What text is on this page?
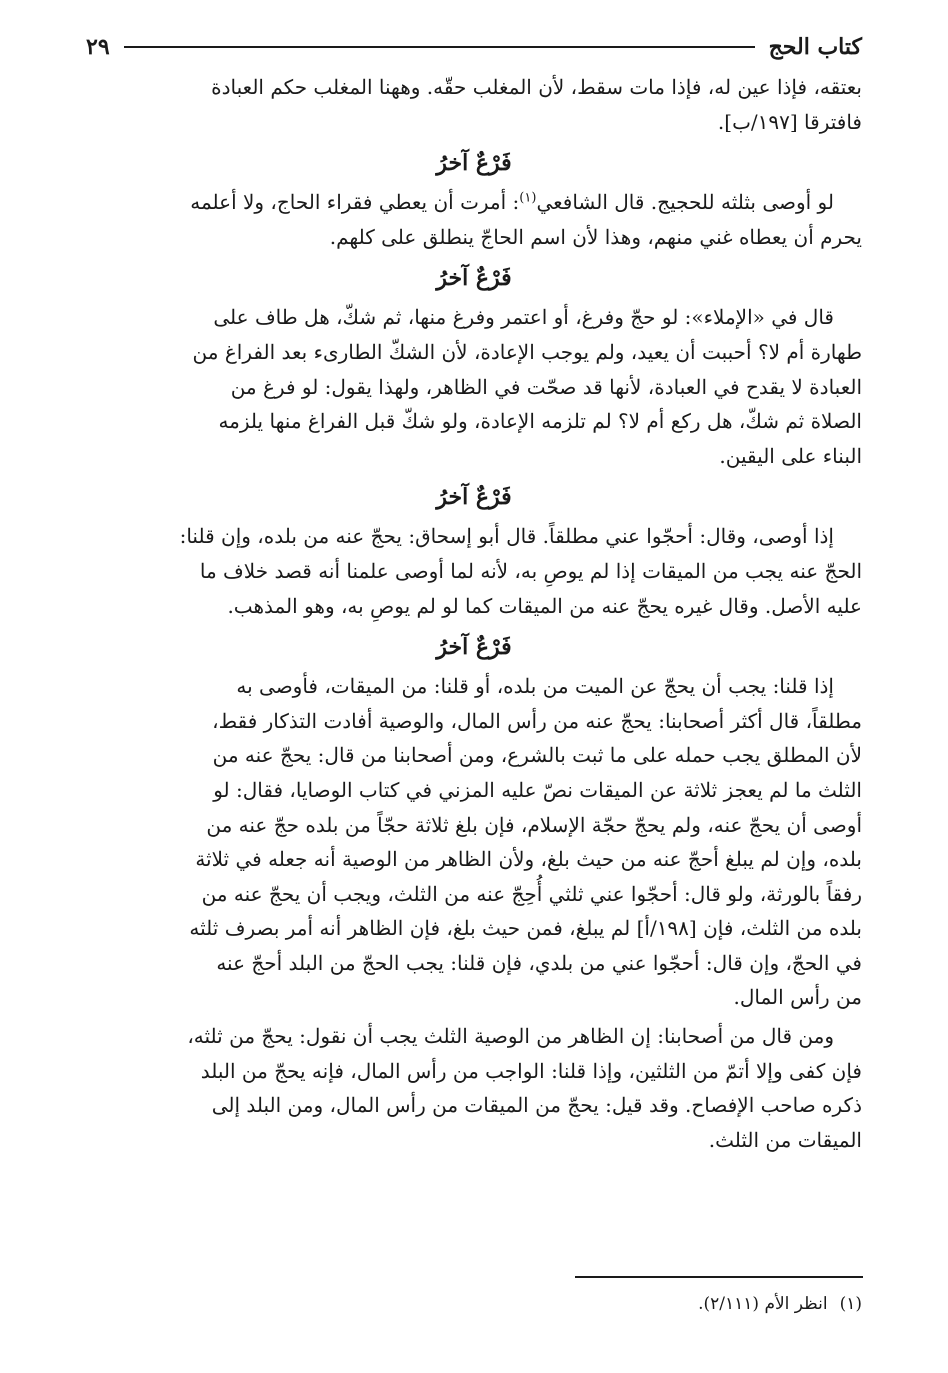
كتاب الحج
٢٩

بعتقه، فإذا عين له، فإذا مات سقط، لأن المغلب حقّه. وههنا المغلب حكم العبادة
فافترقا [١٩٧/ب].

فَرْعٌ آخرُ

لو أوصى بثلثه للحجيج. قال الشافعي$^{(١)}$: أمرت أن يعطي فقراء الحاج، ولا أعلمه
يحرم أن يعطاه غني منهم، وهذا لأن اسم الحاجّ ينطلق على كلهم.

فَرْعٌ آخرُ

قال في «الإملاء»: لو حجّ وفرغ، أو اعتمر وفرغ منها، ثم شكّ، هل طاف على
طهارة أم لا؟ أحببت أن يعيد، ولم يوجب الإعادة، لأن الشكّ الطارىء بعد الفراغ من
العبادة لا يقدح في العبادة، لأنها قد صحّت في الظاهر، ولهذا يقول: لو فرغ من
الصلاة ثم شكّ، هل ركع أم لا؟ لم تلزمه الإعادة، ولو شكّ قبل الفراغ منها يلزمه
البناء على اليقين.

فَرْعٌ آخرُ

إذا أوصى، وقال: أحجّوا عني مطلقاً. قال أبو إسحاق: يحجّ عنه من بلده، وإن قلنا:
الحجّ عنه يجب من الميقات إذا لم يوصِ به، لأنه لما أوصى علمنا أنه قصد خلاف ما
عليه الأصل. وقال غيره يحجّ عنه من الميقات كما لو لم يوصِ به، وهو المذهب.

فَرْعٌ آخرُ

إذا قلنا: يجب أن يحجّ عن الميت من بلده، أو قلنا: من الميقات، فأوصى به
مطلقاً، قال أكثر أصحابنا: يحجّ عنه من رأس المال، والوصية أفادت التذكار فقط،
لأن المطلق يجب حمله على ما ثبت بالشرع، ومن أصحابنا من قال: يحجّ عنه من
الثلث ما لم يعجز ثلاثة عن الميقات نصّ عليه المزني في كتاب الوصايا، فقال: لو
أوصى أن يحجّ عنه، ولم يحجّ حجّة الإسلام، فإن بلغ ثلاثة حجّاً من بلده حجّ عنه من
بلده، وإن لم يبلغ أحجّ عنه من حيث بلغ، ولأن الظاهر من الوصية أنه جعله في ثلاثة
رفقاً بالورثة، ولو قال: أحجّوا عني ثلثي أُحِجّ عنه من الثلث، ويجب أن يحجّ عنه من
بلده من الثلث، فإن [١٩٨/أ] لم يبلغ، فمن حيث بلغ، فإن الظاهر أنه أمر بصرف ثلثه
في الحجّ، وإن قال: أحجّوا عني من بلدي، فإن قلنا: يجب الحجّ من البلد أحجّ عنه
من رأس المال.

ومن قال من أصحابنا: إن الظاهر من الوصية الثلث يجب أن نقول: يحجّ من ثلثه،
فإن كفى وإلا أتمّ من الثلثين، وإذا قلنا: الواجب من رأس المال، فإنه يحجّ من البلد
ذكره صاحب الإفصاح. وقد قيل: يحجّ من الميقات من رأس المال، ومن البلد إلى
الميقات من الثلث.

(١)انظر الأم (٢/١١١).
